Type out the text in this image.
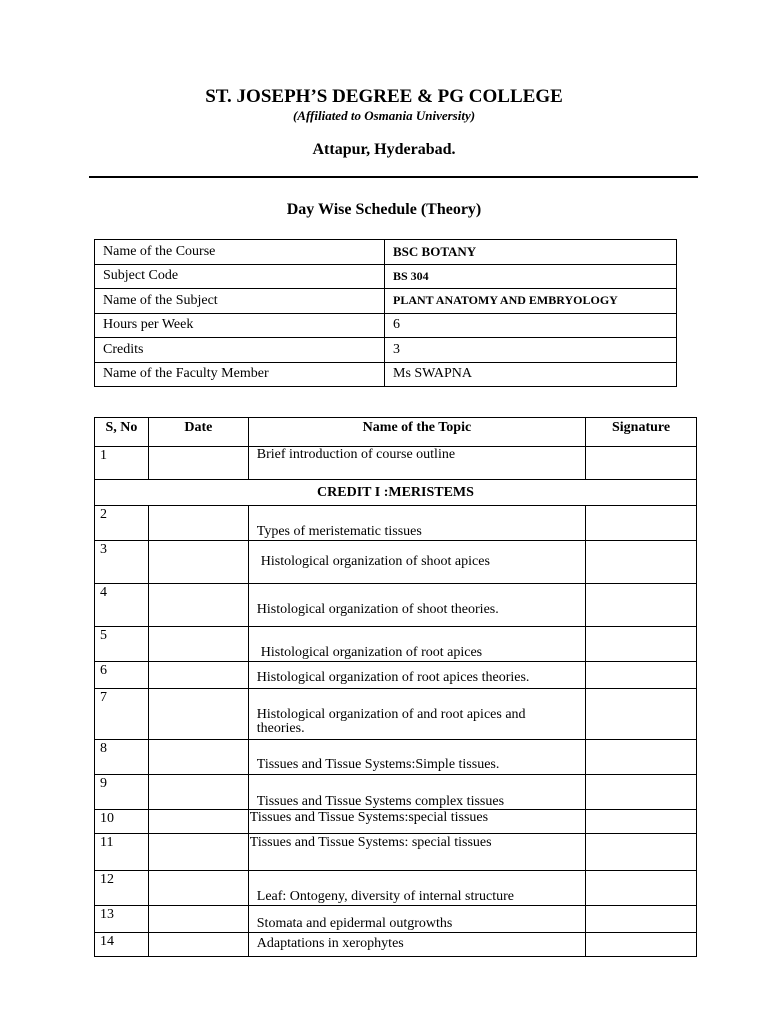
ST. JOSEPH’S DEGREE & PG COLLEGE
(Affiliated to Osmania University)
Attapur, Hyderabad.
Day Wise Schedule (Theory)
Name of the Course	BSC BOTANY
Subject Code	BS 304
Name of the Subject	PLANT ANATOMY AND EMBRYOLOGY
Hours per Week	6
Credits	3
Name of the Faculty Member	Ms SWAPNA
S, No	Date	Name of the Topic	Signature
1		Brief introduction of course outline	

CREDIT I :MERISTEMS			
2		Types of meristematic tissues	

3		Histological organization of shoot apices	

4		Histological organization of shoot theories.	

5		Histological organization of root apices	

6		Histological organization of root apices theories.	

7		Histological organization of and root apices and theories.	

8		Tissues and Tissue Systems:Simple tissues.	

9		Tissues and Tissue Systems complex tissues	

10		Tissues and Tissue Systems:special tissues	

11		Tissues and Tissue Systems: special tissues	

12		Leaf: Ontogeny, diversity of internal structure	

13		Stomata and epidermal outgrowths	

14		Adaptations in xerophytes	
